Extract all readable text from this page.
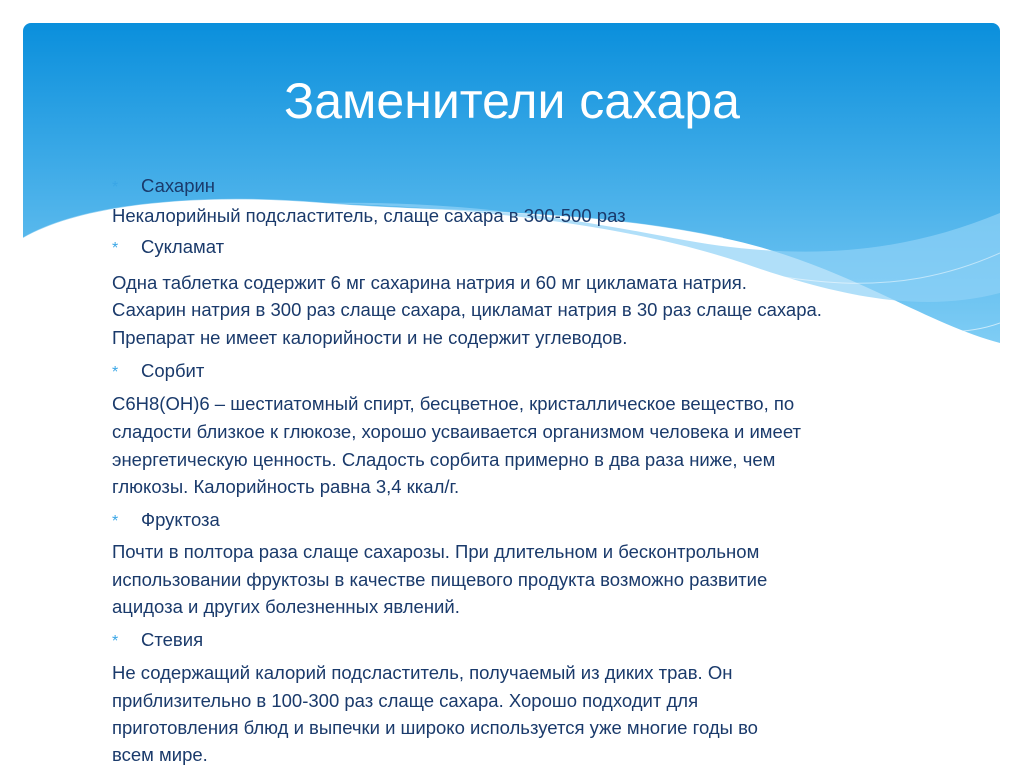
Заменители сахара
* Сахарин
Некалорийный подсластитель, слаще сахара в 300-500 раз
* Сукламат
Одна таблетка содержит 6 мг сахарина натрия и 60 мг цикламата натрия.
Сахарин натрия в 300 раз слаще сахара, цикламат натрия в 30 раз слаще сахара.
Препарат не имеет калорийности и не содержит углеводов.
* Сорбит
C6H8(OH)6 – шестиатомный спирт, бесцветное, кристаллическое вещество, по
сладости близкое к глюкозе, хорошо усваивается организмом человека и имеет
энергетическую ценность. Сладость сорбита примерно в два раза ниже, чем
глюкозы. Калорийность равна 3,4 ккал/г.
* Фруктоза
Почти в полтора раза слаще сахарозы. При длительном и бесконтрольном
использовании фруктозы в качестве пищевого продукта возможно развитие
ацидоза и других болезненных явлений.
* Стевия
Не содержащий калорий подсластитель, получаемый из диких трав. Он
приблизительно в 100-300 раз слаще сахара. Хорошо подходит для
приготовления блюд и выпечки и широко используется уже многие годы во
всем мире.
